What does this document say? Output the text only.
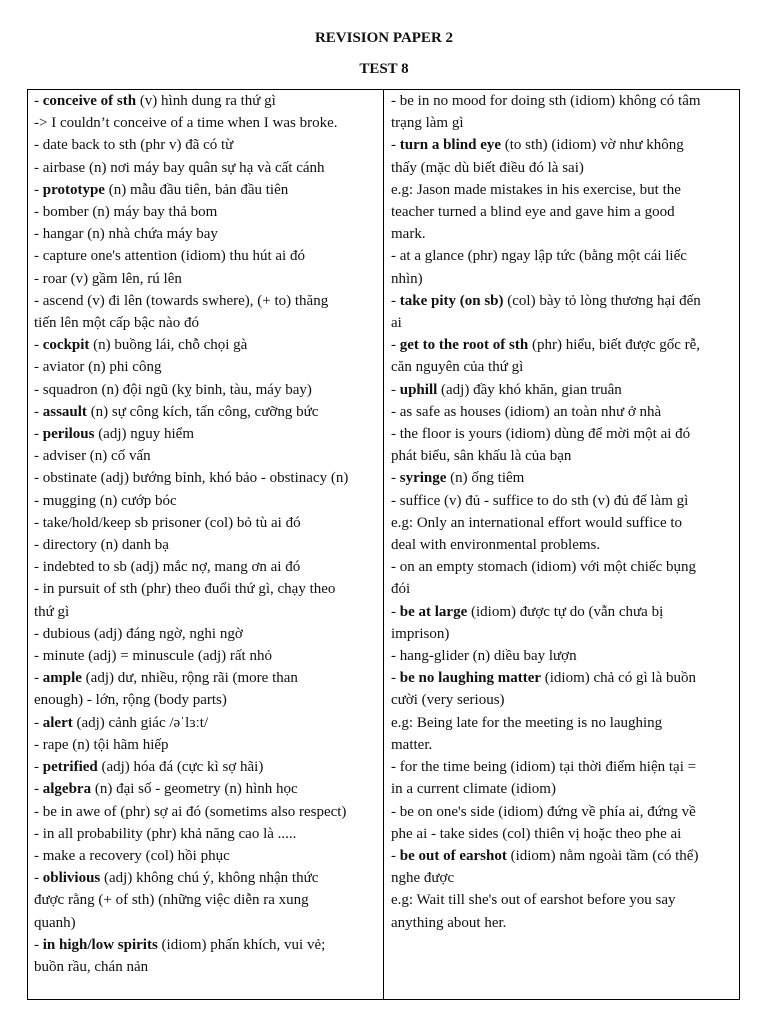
REVISION PAPER 2
TEST 8
- conceive of sth (v) hình dung ra thứ gì
-> I couldn’t conceive of a time when I was broke.
- date back to sth (phr v) đã có từ
- airbase (n) nơi máy bay quân sự hạ và cất cánh
- prototype (n) mẫu đầu tiên, bản đầu tiên
- bomber (n) máy bay thả bom
- hangar (n) nhà chứa máy bay
- capture one's attention (idiom) thu hút ai đó
- roar (v) gầm lên, rú lên
- ascend (v) đi lên (towards swhere), (+ to) thăng
tiến lên một cấp bậc nào đó
- cockpit (n) buồng lái, chỗ chọi gà
- aviator (n) phi công
- squadron (n) đội ngũ (kỵ binh, tàu, máy bay)
- assault (n) sự công kích, tấn công, cưỡng bức
- perilous (adj) nguy hiểm
- adviser (n) cố vấn
- obstinate (adj) bướng bỉnh, khó bảo - obstinacy (n)
- mugging (n) cướp bóc
- take/hold/keep sb prisoner (col) bỏ tù ai đó
- directory (n) danh bạ
- indebted to sb (adj) mắc nợ, mang ơn ai đó
- in pursuit of sth (phr) theo đuổi thứ gì, chạy theo
thứ gì
- dubious (adj) đáng ngờ, nghi ngờ
- minute (adj) = minuscule (adj) rất nhỏ
- ample (adj) dư, nhiều, rộng rãi (more than
enough) - lớn, rộng (body parts)
- alert (adj) cảnh giác /əˈlɜːt/
- rape (n) tội hãm hiếp
- petrified (adj) hóa đá (cực kì sợ hãi)
- algebra (n) đại số - geometry (n) hình học
- be in awe of (phr) sợ ai đó (sometims also respect)
- in all probability (phr) khả năng cao là .....
- make a recovery (col) hồi phục
- oblivious (adj) không chú ý, không nhận thức
được rằng (+ of sth) (những việc diễn ra xung
quanh)
- in high/low spirits (idiom) phấn khích, vui vẻ;
buồn rầu, chán nản
- be in no mood for doing sth (idiom) không có tâm
trạng làm gì
- turn a blind eye (to sth) (idiom) vờ như không
thấy (mặc dù biết điều đó là sai)
e.g: Jason made mistakes in his exercise, but the
teacher turned a blind eye and gave him a good
mark.
- at a glance (phr) ngay lập tức (bằng một cái liếc
nhìn)
- take pity (on sb) (col) bày tỏ lòng thương hại đến
ai
- get to the root of sth (phr) hiểu, biết được gốc rễ,
căn nguyên của thứ gì
- uphill (adj) đầy khó khăn, gian truân
- as safe as houses (idiom) an toàn như ở nhà
- the floor is yours (idiom) dùng để mời một ai đó
phát biểu, sân khấu là của bạn
- syringe (n) ống tiêm
- suffice (v) đủ - suffice to do sth (v) đủ để làm gì
e.g: Only an international effort would suffice to
deal with environmental problems.
- on an empty stomach (idiom) với một chiếc bụng
đói
- be at large (idiom) được tự do (vẫn chưa bị
imprison)
- hang-glider (n) diều bay lượn
- be no laughing matter (idiom) chả có gì là buồn
cười (very serious)
e.g: Being late for the meeting is no laughing
matter.
- for the time being (idiom) tại thời điểm hiện tại =
in a current climate (idiom)
- be on one's side (idiom) đứng về phía ai, đứng về
phe ai - take sides (col) thiên vị hoặc theo phe ai
- be out of earshot (idiom) nằm ngoài tầm (có thể)
nghe được
e.g: Wait till she's out of earshot before you say
anything about her.
